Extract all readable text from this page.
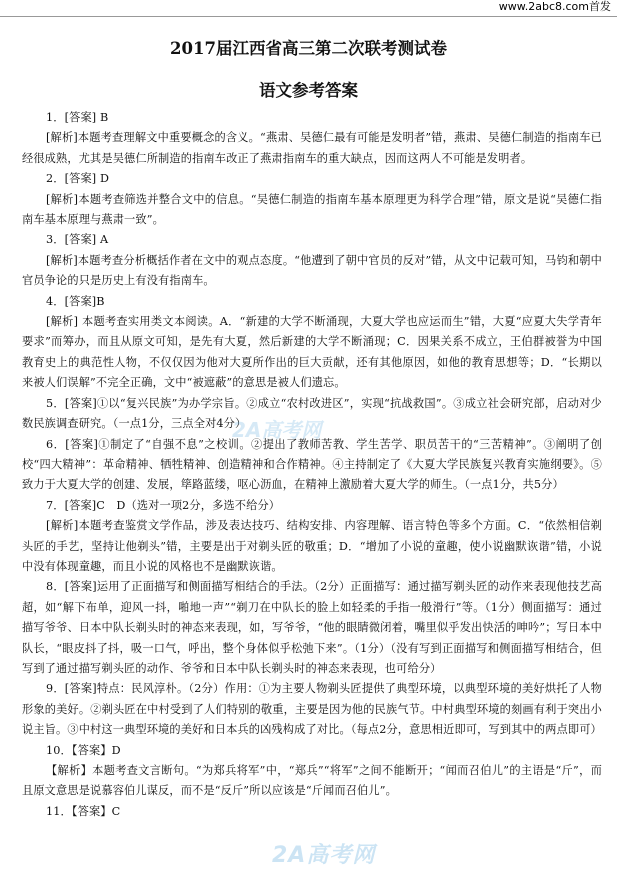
www.2abc8.com首发
2017届江西省高三第二次联考测试卷
语文参考答案
1．[答案] B
[解析]本题考查理解文中重要概念的含义。“燕肃、吴德仁最有可能是发明者”错，燕肃、吴德仁制造的指南车已经很成熟，尤其是吴德仁所制造的指南车改正了燕肃指南车的重大缺点，因而这两人不可能是发明者。
2．[答案] D
[解析]本题考查筛选并整合文中的信息。“吴德仁制造的指南车基本原理更为科学合理”错，原文是说“吴德仁指南车基本原理与燕肃一致”。
3．[答案] A
[解析]本题考查分析概括作者在文中的观点态度。“他遭到了朝中官员的反对”错，从文中记载可知，马钧和朝中官员争论的只是历史上有没有指南车。
4．[答案]B
[解析] 本题考查实用类文本阅读。A．“新建的大学不断涌现，大夏大学也应运而生”错，大夏“应夏大失学青年要求”而筹办，而且从原文可知，是先有大夏，然后新建的大学不断涌现；C．因果关系不成立，王伯群被誉为中国教育史上的典范性人物，不仅仅因为他对大夏所作出的巨大贡献，还有其他原因，如他的教育思想等；D．“长期以来被人们误解”不完全正确，文中“被遮蔽”的意思是被人们遗忘。
5．[答案]①以“复兴民族”为办学宗旨。②成立“农村改进区”，实现“抗战救国”。③成立社会研究部，启动对少数民族调查研究。（一点1分，三点全对4分）
6．[答案]①制定了“自强不息”之校训。②提出了教师苦教、学生苦学、职员苦干的“三苦精神”。③阐明了创校“四大精神”：革命精神、牺牲精神、创造精神和合作精神。④主持制定了《大夏大学民族复兴教育实施纲要》。⑤致力于大夏大学的创建、发展，筚路蓝缕，呕心沥血，在精神上激励着大夏大学的师生。（一点1分，共5分）
7．[答案]C　D（选对一项2分，多选不给分）
[解析]本题考查鉴赏文学作品，涉及表达技巧、结构安排、内容理解、语言特色等多个方面。C．“依然相信剃头匠的手艺，坚持让他剃头”错，主要是出于对剃头匠的敬重；D．“增加了小说的童趣，使小说幽默诙谐”错，小说中没有体现童趣，而且小说的风格也不是幽默诙谐。
8．[答案]运用了正面描写和侧面描写相结合的手法。（2分）正面描写：通过描写剃头匠的动作来表现他技艺高超，如“解下布单，迎风一抖，啪地一声”“剃刀在中队长的脸上如轻柔的手指一般滑行”等。（1分）侧面描写：通过描写爷爷、日本中队长剃头时的神态来表现，如，写爷爷，“他的眼睛微闭着，嘴里似乎发出快活的呻吟”；写日本中队长，“眼皮抖了抖，吸一口气，呼出，整个身体似乎松弛下来”。（1分）（没有写到正面描写和侧面描写相结合，但写到了通过描写剃头匠的动作、爷爷和日本中队长剃头时的神态来表现，也可给分）
9．[答案]特点：民风淳朴。（2分）作用：①为主要人物剃头匠提供了典型环境，以典型环境的美好烘托了人物形象的美好。②剃头匠在中村受到了人们特别的敬重，主要是因为他的民族气节。中村典型环境的刻画有利于突出小说主旨。③中村这一典型环境的美好和日本兵的凶残构成了对比。（每点2分，意思相近即可，写到其中的两点即可）
10．【答案】D
【解析】本题考查文言断句。“为郑兵将军”中，“郑兵”“将军”之间不能断开；“闻而召伯儿”的主语是“斤”，而且原文意思是说慕容伯儿谋反，而不是“反斤”所以应该是“斤闻而召伯儿”。
11．【答案】C
2A高考网
2A高考网
